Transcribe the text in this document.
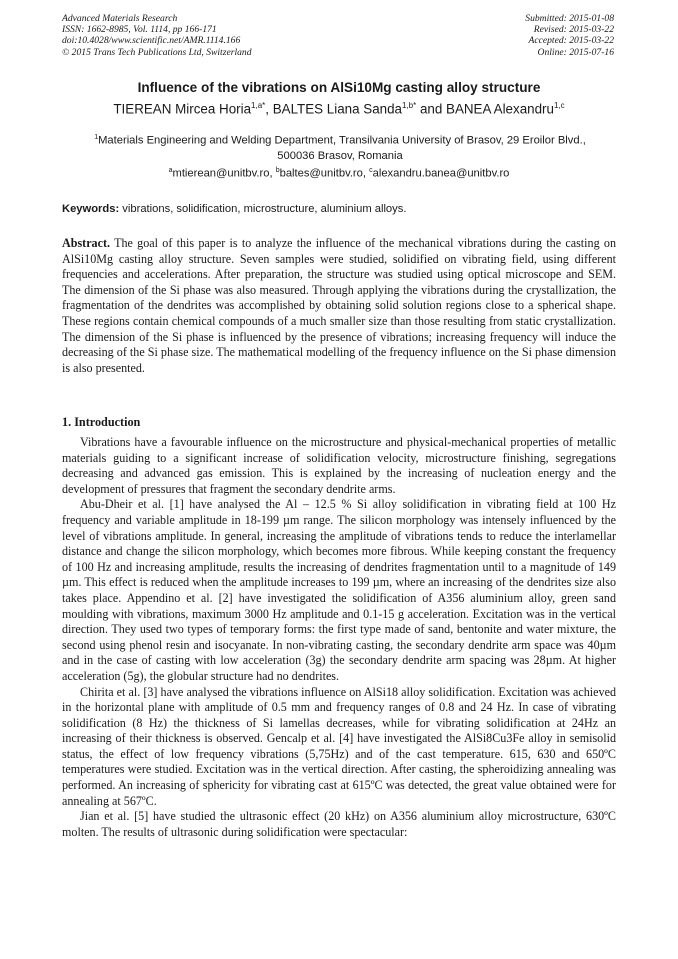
Advanced Materials Research
ISSN: 1662-8985, Vol. 1114, pp 166-171
doi:10.4028/www.scientific.net/AMR.1114.166
© 2015 Trans Tech Publications Ltd, Switzerland
Submitted: 2015-01-08
Revised: 2015-03-22
Accepted: 2015-03-22
Online: 2015-07-16
Influence of the vibrations on AlSi10Mg casting alloy structure
TIEREAN Mircea Horia$^{1,a*}$, BALTES Liana Sanda$^{1,b*}$ and BANEA Alexandru$^{1,c}$
$^1$Materials Engineering and Welding Department, Transilvania University of Brasov, 29 Eroilor Blvd., 500036 Brasov, Romania
$^a$mtierean@unitbv.ro, $^b$baltes@unitbv.ro, $^c$alexandru.banea@unitbv.ro
Keywords: vibrations, solidification, microstructure, aluminium alloys.

Abstract. The goal of this paper is to analyze the influence of the mechanical vibrations during the casting on AlSi10Mg casting alloy structure. Seven samples were studied, solidified on vibrating field, using different frequencies and accelerations. After preparation, the structure was studied using optical microscope and SEM. The dimension of the Si phase was also measured. Through applying the vibrations during the crystallization, the fragmentation of the dendrites was accomplished by obtaining solid solution regions close to a spherical shape. These regions contain chemical compounds of a much smaller size than those resulting from static crystallization. The dimension of the Si phase is influenced by the presence of vibrations; increasing frequency will induce the decreasing of the Si phase size. The mathematical modelling of the frequency influence on the Si phase dimension is also presented.

1. Introduction

Vibrations have a favourable influence on the microstructure and physical-mechanical properties of metallic materials guiding to a significant increase of solidification velocity, microstructure finishing, segregations decreasing and advanced gas emission. This is explained by the increasing of nucleation energy and the development of pressures that fragment the secondary dendrite arms.

Abu-Dheir et al. [1] have analysed the Al – 12.5 % Si alloy solidification in vibrating field at 100 Hz frequency and variable amplitude in 18-199 µm range. The silicon morphology was intensely influenced by the level of vibrations amplitude. In general, increasing the amplitude of vibrations tends to reduce the interlamellar distance and change the silicon morphology, which becomes more fibrous. While keeping constant the frequency of 100 Hz and increasing amplitude, results the increasing of dendrites fragmentation until to a magnitude of 149 µm. This effect is reduced when the amplitude increases to 199 µm, where an increasing of the dendrites size also takes place. Appendino et al. [2] have investigated the solidification of A356 aluminium alloy, green sand moulding with vibrations, maximum 3000 Hz amplitude and 0.1-15 g acceleration. Excitation was in the vertical direction. They used two types of temporary forms: the first type made of sand, bentonite and water mixture, the second using phenol resin and isocyanate. In non-vibrating casting, the secondary dendrite arm space was 40µm and in the case of casting with low acceleration (3g) the secondary dendrite arm spacing was 28µm. At higher acceleration (5g), the globular structure had no dendrites.

Chirita et al. [3] have analysed the vibrations influence on AlSi18 alloy solidification. Excitation was achieved in the horizontal plane with amplitude of 0.5 mm and frequency ranges of 0.8 and 24 Hz. In case of vibrating solidification (8 Hz) the thickness of Si lamellas decreases, while for vibrating solidification at 24Hz an increasing of their thickness is observed. Gencalp et al. [4] have investigated the AlSi8Cu3Fe alloy in semisolid status, the effect of low frequency vibrations (5,75Hz) and of the cast temperature. 615, 630 and 650ºC temperatures were studied. Excitation was in the vertical direction. After casting, the spheroidizing annealing was performed. An increasing of sphericity for vibrating cast at 615ºC was detected, the great value obtained were for annealing at 567ºC.

Jian et al. [5] have studied the ultrasonic effect (20 kHz) on A356 aluminium alloy microstructure, 630ºC molten. The results of ultrasonic during solidification were spectacular:
